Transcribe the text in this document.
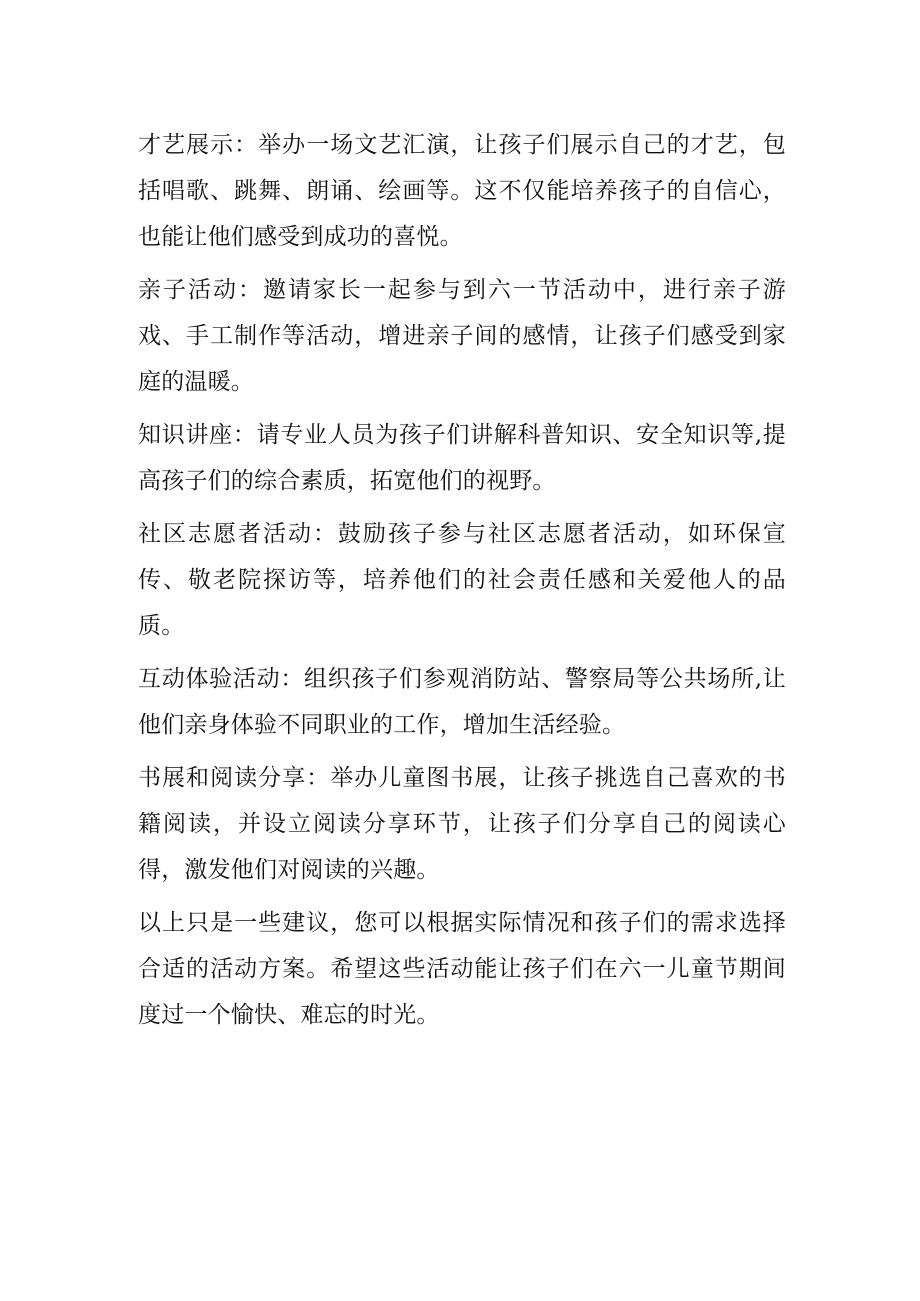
才艺展示：举办一场文艺汇演，让孩子们展示自己的才艺，包括唱歌、跳舞、朗诵、绘画等。这不仅能培养孩子的自信心，也能让他们感受到成功的喜悦。

亲子活动：邀请家长一起参与到六一节活动中，进行亲子游戏、手工制作等活动，增进亲子间的感情，让孩子们感受到家庭的温暖。

知识讲座：请专业人员为孩子们讲解科普知识、安全知识等,提高孩子们的综合素质，拓宽他们的视野。

社区志愿者活动：鼓励孩子参与社区志愿者活动，如环保宣传、敬老院探访等，培养他们的社会责任感和关爱他人的品质。

互动体验活动：组织孩子们参观消防站、警察局等公共场所,让他们亲身体验不同职业的工作，增加生活经验。

书展和阅读分享：举办儿童图书展，让孩子挑选自己喜欢的书籍阅读，并设立阅读分享环节，让孩子们分享自己的阅读心得，激发他们对阅读的兴趣。

以上只是一些建议，您可以根据实际情况和孩子们的需求选择合适的活动方案。希望这些活动能让孩子们在六一儿童节期间度过一个愉快、难忘的时光。
